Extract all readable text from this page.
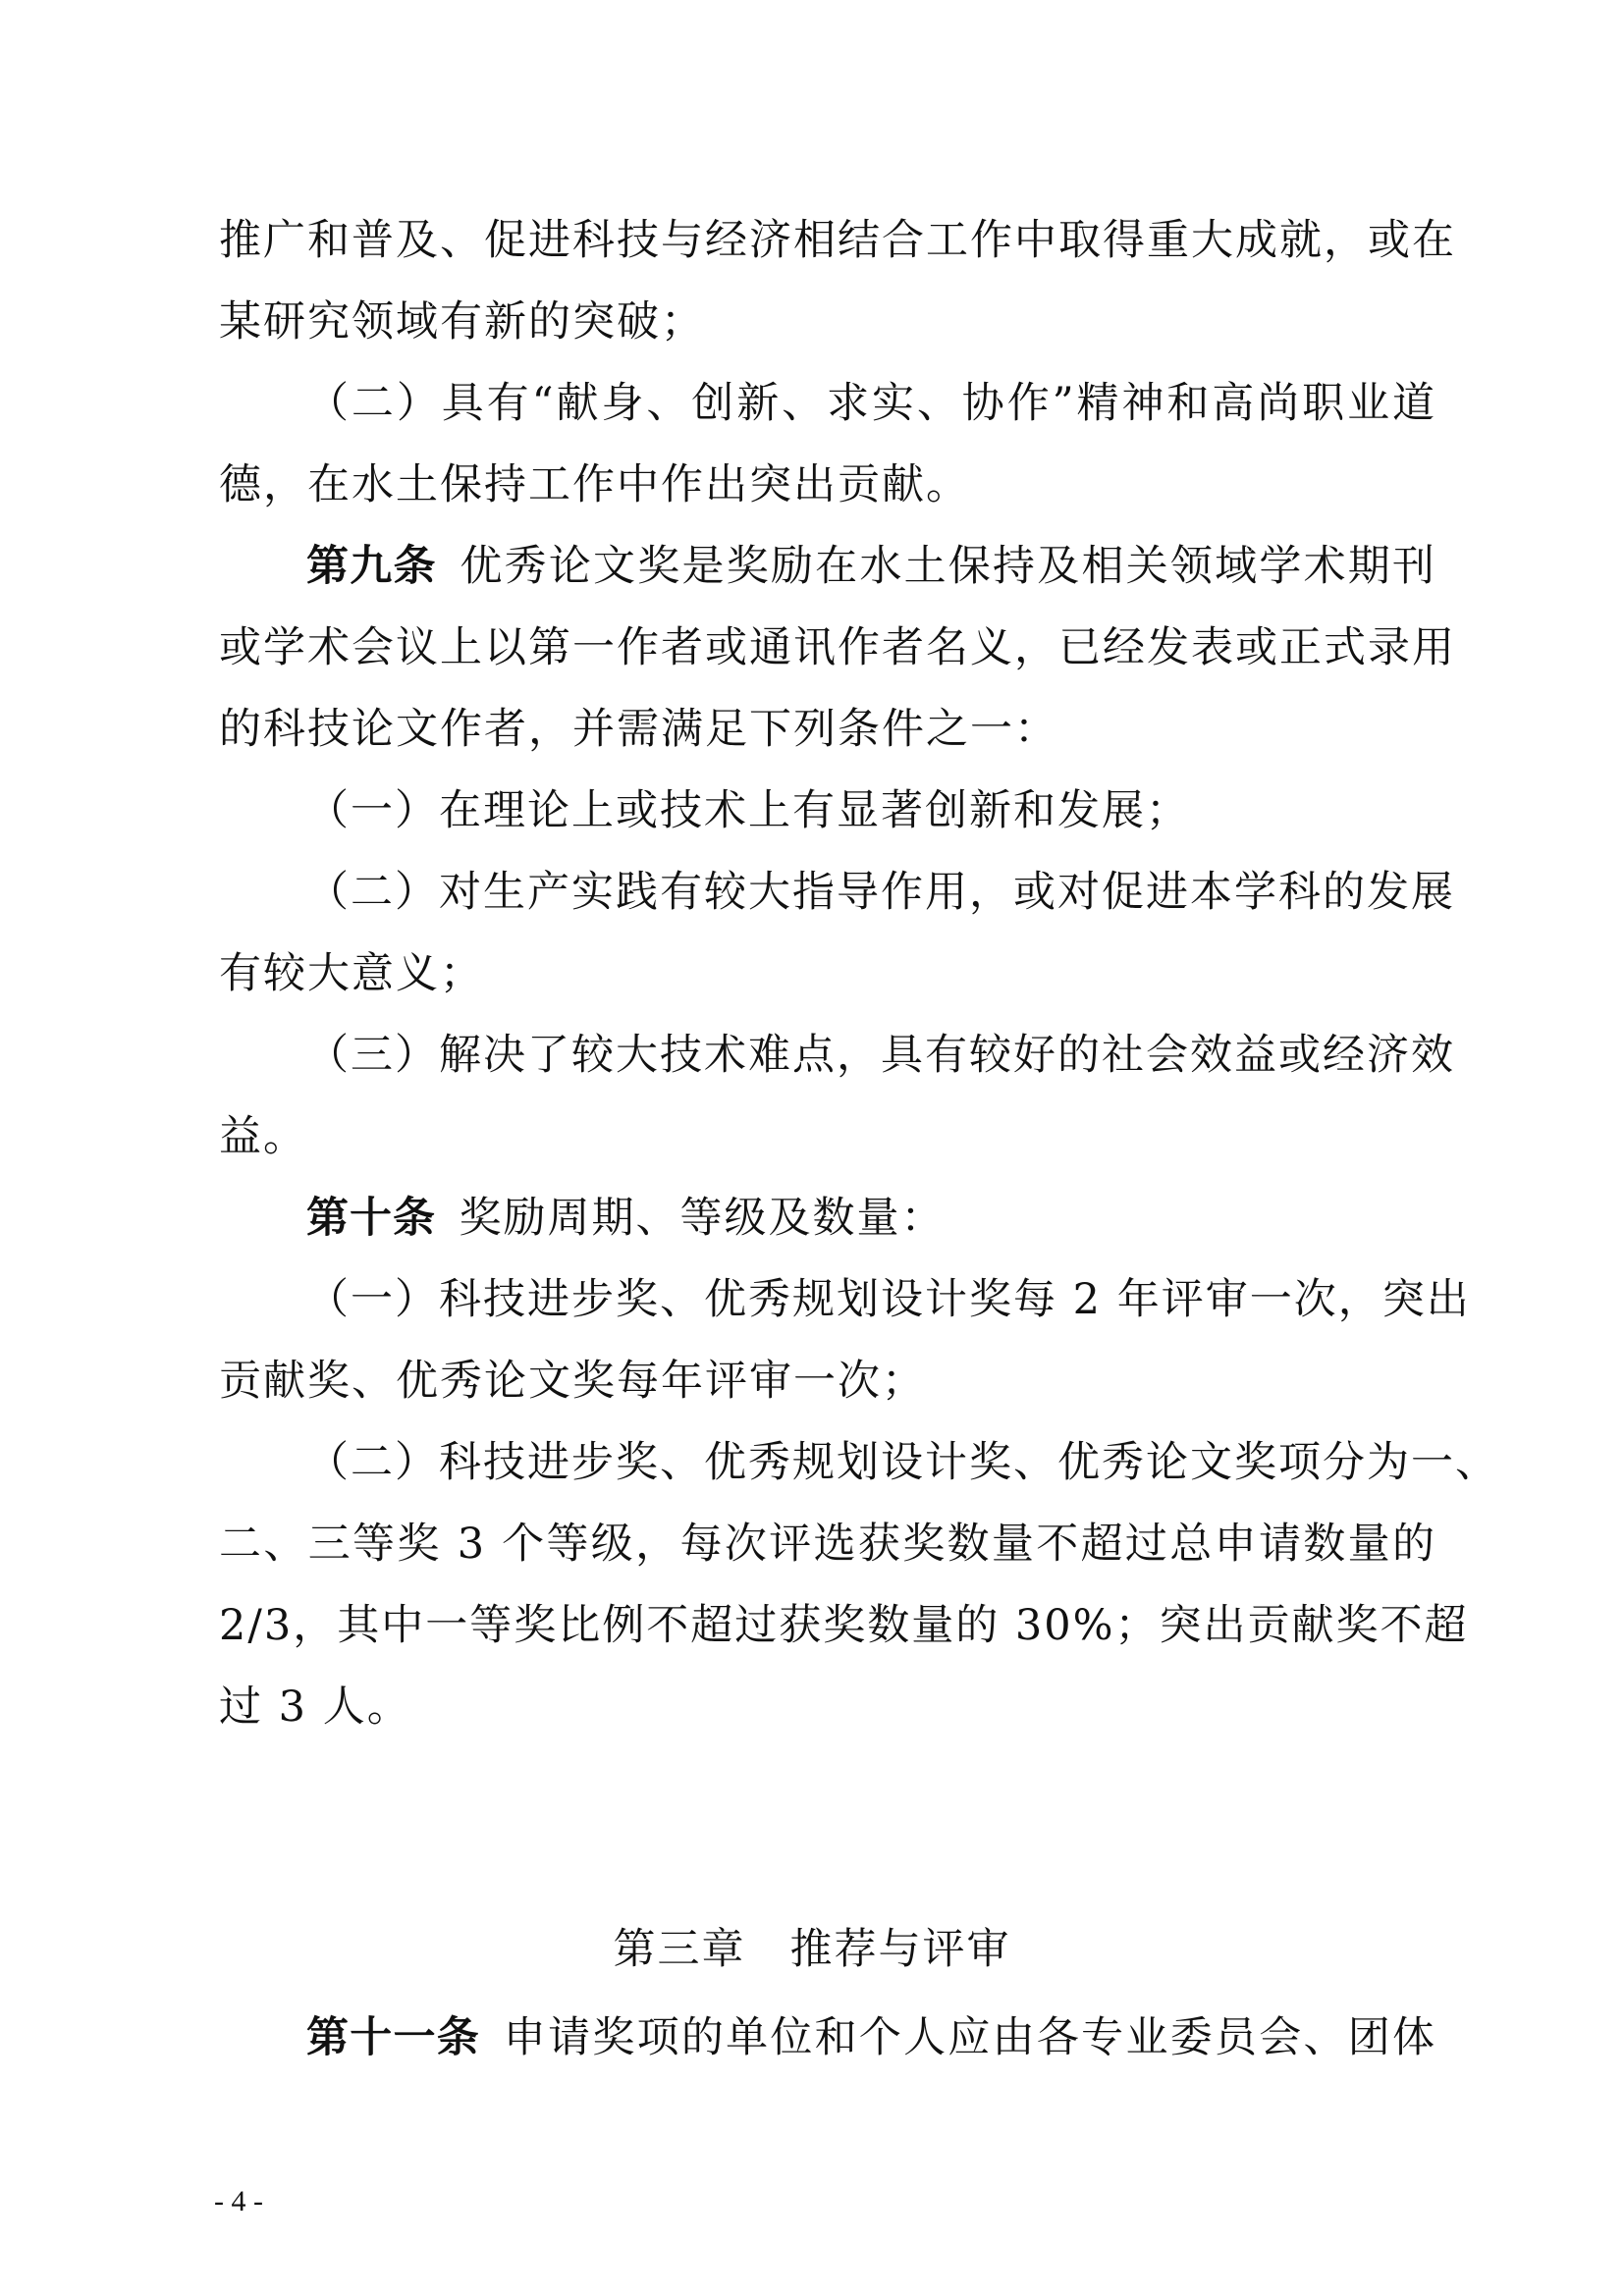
推广和普及、促进科技与经济相结合工作中取得重大成就，或在
某研究领域有新的突破；
（二）具有“献身、创新、求实、协作”精神和高尚职业道
德，在水土保持工作中作出突出贡献。
第九条  优秀论文奖是奖励在水土保持及相关领域学术期刊
或学术会议上以第一作者或通讯作者名义，已经发表或正式录用
的科技论文作者，并需满足下列条件之一：
（一）在理论上或技术上有显著创新和发展；
（二）对生产实践有较大指导作用，或对促进本学科的发展
有较大意义；
（三）解决了较大技术难点，具有较好的社会效益或经济效
益。
第十条  奖励周期、等级及数量：
（一）科技进步奖、优秀规划设计奖每 2 年评审一次，突出
贡献奖、优秀论文奖每年评审一次；
（二）科技进步奖、优秀规划设计奖、优秀论文奖项分为一、
二、三等奖 3 个等级，每次评选获奖数量不超过总申请数量的
2/3，其中一等奖比例不超过获奖数量的 30%；突出贡献奖不超
过 3 人。
第三章　推荐与评审
第十一条  申请奖项的单位和个人应由各专业委员会、团体
- 4 -
